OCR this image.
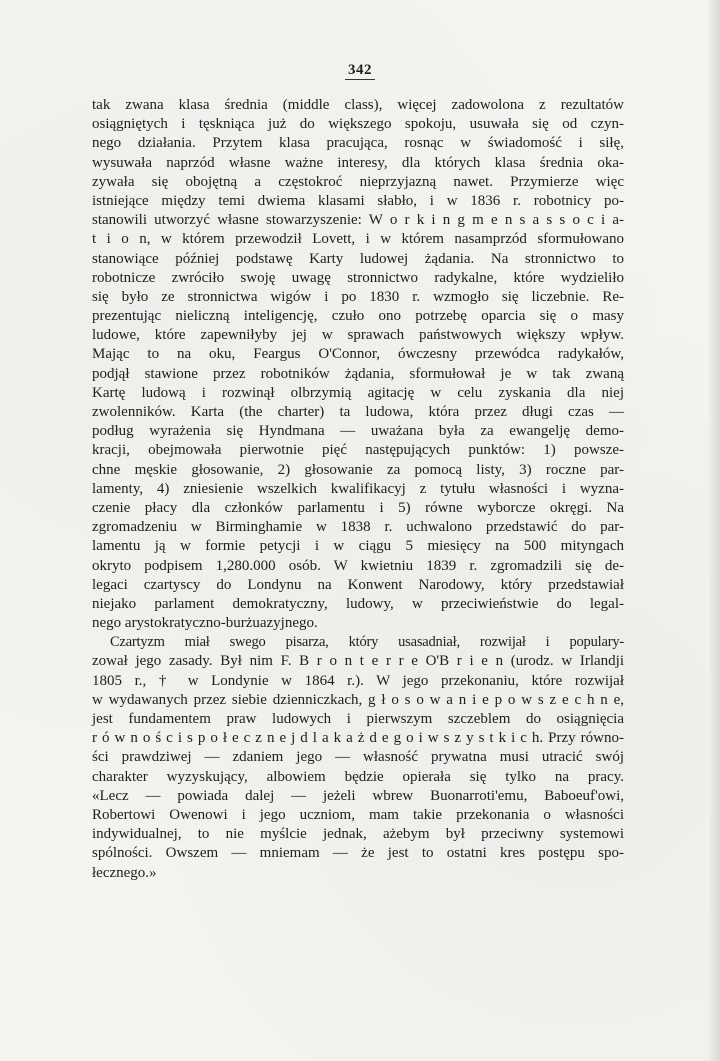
342
tak zwana klasa średnia (middle class), więcej zadowolona z rezultatów
osiągniętych i tęskniąca już do większego spokoju, usuwała się od czyn-
nego działania. Przytem klasa pracująca, rosnąc w świadomość i siłę,
wysuwała naprzód własne ważne interesy, dla których klasa średnia oka-
zywała się obojętną a częstokroć nieprzyjazną nawet. Przymierze więc
istniejące między temi dwiema klasami słabło, i w 1836 r. robotnicy po-
stanowili utworzyć własne stowarzyszenie: W o r k i n g m e n s a s s o c i a-
t i o n, w którem przewodził Lovett, i w którem nasamprzód sformułowano
stanowiące później podstawę Karty ludowej żądania. Na stronnictwo to
robotnicze zwróciło swoję uwagę stronnictwo radykalne, które wydzieliło
się było ze stronnictwa wigów i po 1830 r. wzmogło się liczebnie. Re-
prezentując nieliczną inteligencję, czuło ono potrzebę oparcia się o masy
ludowe, które zapewniłyby jej w sprawach państwowych większy wpływ.
Mając to na oku, Feargus O'Connor, ówczesny przewódca radykałów,
podjął stawione przez robotników żądania, sformułował je w tak zwaną
Kartę ludową i rozwinął olbrzymią agitację w celu zyskania dla niej
zwolenników. Karta (the charter) ta ludowa, która przez długi czas —
podług wyrażenia się Hyndmana — uważana była za ewangelję demo-
kracji, obejmowała pierwotnie pięć następujących punktów: 1) powsze-
chne męskie głosowanie, 2) głosowanie za pomocą listy, 3) roczne par-
lamenty, 4) zniesienie wszelkich kwalifikacyj z tytułu własności i wyzna-
czenie płacy dla członków parlamentu i 5) równe wyborcze okręgi. Na
zgromadzeniu w Birminghamie w 1838 r. uchwalono przedstawić do par-
lamentu ją w formie petycji i w ciągu 5 miesięcy na 500 mityngach
okryto podpisem 1,280.000 osób. W kwietniu 1839 r. zgromadzili się de-
legaci czartyscy do Londynu na Konwent Narodowy, który przedstawiał
niejako parlament demokratyczny, ludowy, w przeciwieństwie do legal-
nego arystokratyczno-burżuazyjnego.
Czartyzm miał swego pisarza, który usasadniał, rozwijał i populary-
zował jego zasady. Był nim F. B r o n t e r r e O'B r i e n (urodz. w Irlandji
1805 r., † w Londynie w 1864 r.). W jego przekonaniu, które rozwijał
w wydawanych przez siebie dzienniczkach, g ł o s o w a n i e p o w s z e c h n e,
jest fundamentem praw ludowych i pierwszym szczeblem do osiągnięcia
r ó w n o ś c i s p o ł e c z n e j d l a k a ż d e g o i w s z y s t k i c h. Przy równo-
ści prawdziwej — zdaniem jego — własność prywatna musi utracić swój
charakter wyzyskujący, albowiem będzie opierała się tylko na pracy.
«Lecz — powiada dalej — jeżeli wbrew Buonarroti'emu, Baboeuf'owi,
Robertowi Owenowi i jego uczniom, mam takie przekonania o własności
indywidualnej, to nie myślcie jednak, ażebym był przeciwny systemowi
spólności. Owszem — mniemam — że jest to ostatni kres postępu spo-
łecznego.»
